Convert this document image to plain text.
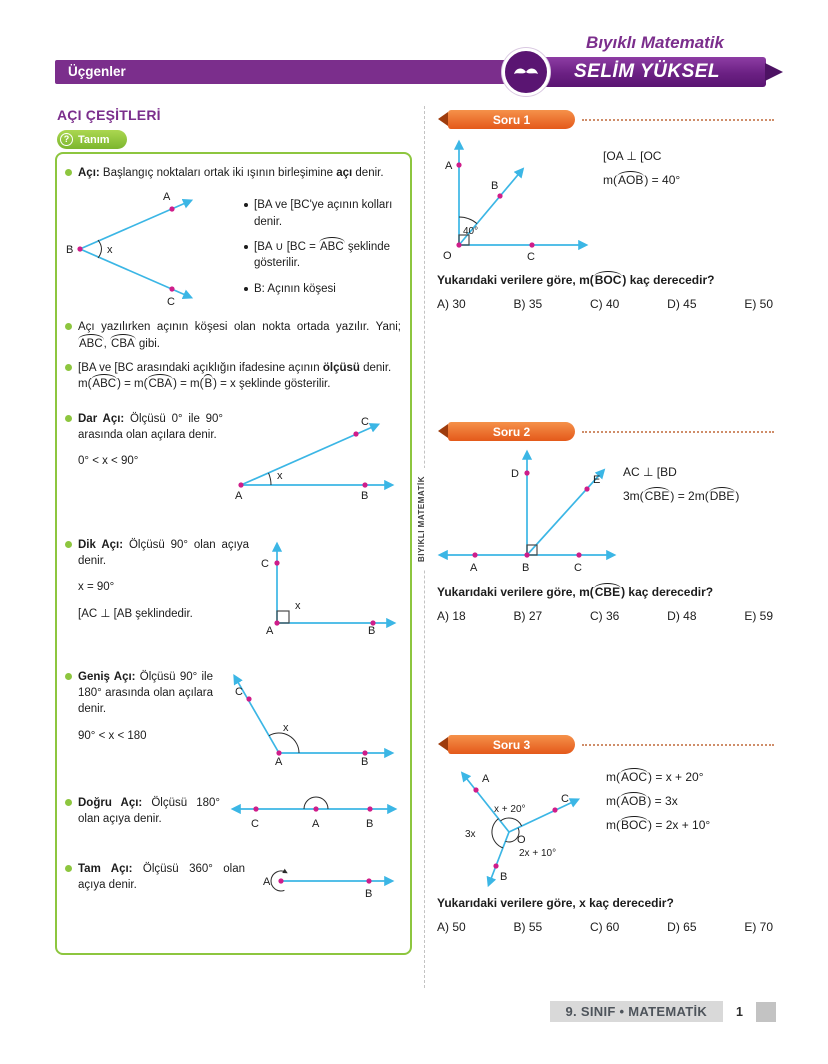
Bıyıklı Matematik
Üçgenler	SELİM YÜKSEL
AÇI ÇEŞİTLERİ
? Tanım

Açı: Başlangıç noktaları ortak iki ışının birleşimine açı denir.

A
B
C
x

[BA ve [BC'ye açının kolları denir.

[BA ∪ [BC = ABC şeklinde gösterilir.

B: Açının köşesi

Açı yazılırken açının köşesi olan nokta ortada yazılır. Yani; ABC, CBA gibi.

[BA ve [BC arasındaki açıklığın ifadesine açının ölçüsü denir.

m(ABC) = m(CBA) = m(B) = x şeklinde gösterilir.

Dar Açı: Ölçüsü 0° ile 90° arasında olan açılara denir.

0° < x < 90°

x
A	B
C

Dik Açı: Ölçüsü 90° olan açıya denir.

x = 90°

[AC ⊥ [AB şeklindedir.

x
A	B
C

Geniş Açı: Ölçüsü 90° ile 180° arasında olan açılara denir.

90° < x < 180

x
A	B
C

Doğru Açı: Ölçüsü 180° olan açıya denir.	C	A	B

Tam Açı: Ölçüsü 360° olan açıya denir.	A
B
BIYIKLI MATEMATİK
Soru 1
A
B
O	C
40°
[OA ⊥ [OC
m(AOB) = 40°

Yukarıdaki verilere göre, m(BOC) kaç derecedir?

A) 30	B) 35	C) 40	D) 45	E) 50
Soru 2
A	B	C
D	E
AC ⊥ [BD
3m(CBE) = 2m(DBE)

Yukarıdaki verilere göre, m(CBE) kaç derecedir?

A) 18	B) 27	C) 36	D) 48	E) 59
Soru 3
A
C
B
O
x + 20°
3x
2x + 10°
m(AOC) = x + 20°
m(AOB) = 3x
m(BOC) = 2x + 10°

Yukarıdaki verilere göre, x kaç derecedir?

A) 50	B) 55	C) 60	D) 65	E) 70
9. SINIF • MATEMATİK	1
